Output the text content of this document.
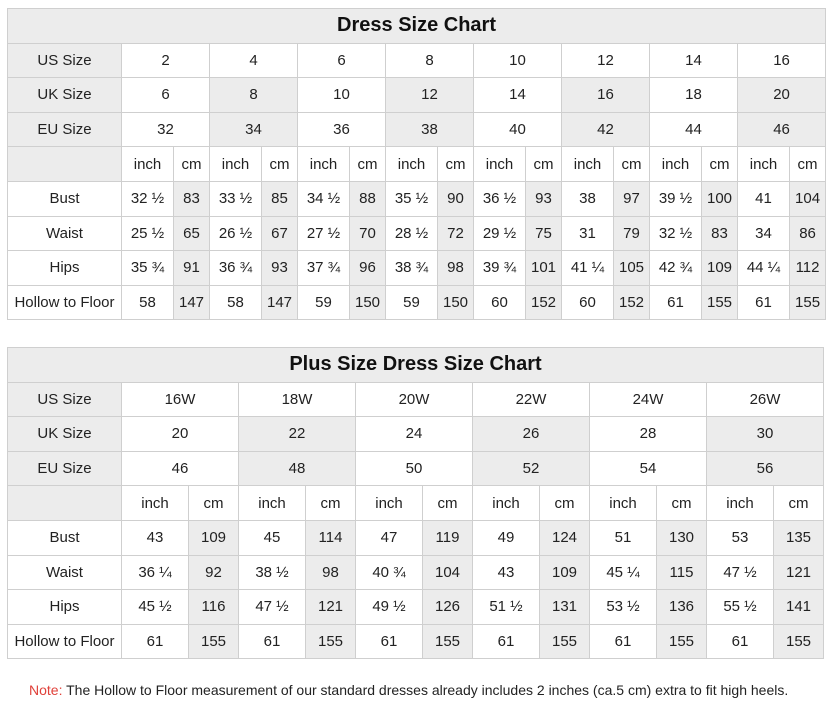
Dress Size Chart																
US Size	2		4		6		8		10		12		14		16	
UK Size	6		8		10		12		14		16		18		20	
EU Size	32		34		36		38		40		42		44		46	
	inch	cm	inch	cm	inch	cm	inch	cm	inch	cm	inch	cm	inch	cm	inch	cm
Bust	32 ½	83	33 ½	85	34 ½	88	35 ½	90	36 ½	93	38	97	39 ½	100	41	104
Waist	25 ½	65	26 ½	67	27 ½	70	28 ½	72	29 ½	75	31	79	32 ½	83	34	86
Hips	35 ¾	91	36 ¾	93	37 ¾	96	38 ¾	98	39 ¾	101	41 ¼	105	42 ¾	109	44 ¼	112
Hollow to Floor	58	147	58	147	59	150	59	150	60	152	60	152	61	155	61	155
Plus Size Dress Size Chart												
US Size	16W		18W		20W		22W		24W		26W	
UK Size	20		22		24		26		28		30	
EU Size	46		48		50		52		54		56	
	inch	cm	inch	cm	inch	cm	inch	cm	inch	cm	inch	cm
Bust	43	109	45	114	47	119	49	124	51	130	53	135
Waist	36 ¼	92	38 ½	98	40 ¾	104	43	109	45 ¼	115	47 ½	121
Hips	45 ½	116	47 ½	121	49 ½	126	51 ½	131	53 ½	136	55 ½	141
Hollow to Floor	61	155	61	155	61	155	61	155	61	155	61	155
Note: The Hollow to Floor measurement of our standard dresses already includes 2 inches (ca.5 cm) extra to fit high heels.
